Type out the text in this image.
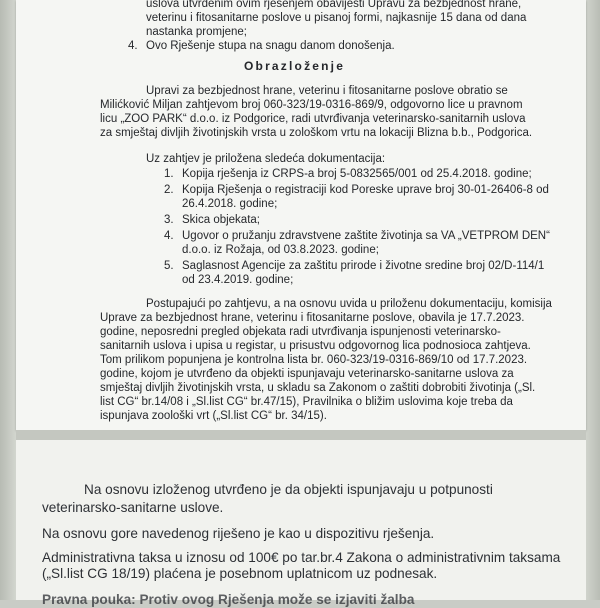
uslova utvrđenim ovim rješenjem obavijesti Upravu za bezbjednost hrane,
veterinu i fitosanitarne poslove u pisanoj formi, najkasnije 15 dana od dana
nastanka promjene;
4. Ovo Rješenje stupa na snagu danom donošenja.
Obrazloženje
Upravi za bezbjednost hrane, veterinu i fitosanitarne poslove obratio se
Milićković Miljan zahtjevom broj 060-323/19-0316-869/9, odgovorno lice u pravnom
licu „ZOO PARK“ d.o.o. iz Podgorice, radi utvrđivanja veterinarsko-sanitarnih uslova
za smještaj divljih životinjskih vrsta u zološkom vrtu na lokaciji Blizna b.b., Podgorica.
Uz zahtjev je priložena sledeća dokumentacija:
1. Kopija rješenja iz CRPS-a broj 5-0832565/001 od 25.4.2018. godine;
2. Kopija Rješenja o registraciji kod Poreske uprave broj 30-01-26406-8 od
26.4.2018. godine;
3. Skica objekata;
4. Ugovor o pružanju zdravstvene zaštite životinja sa VA „VETPROM DEN“
d.o.o. iz Rožaja, od 03.8.2023. godine;
5. Saglasnost Agencije za zaštitu prirode i životne sredine broj 02/D-114/1
od 23.4.2019. godine;
Postupajući po zahtjevu, a na osnovu uvida u priloženu dokumentaciju, komisija
Uprave za bezbjednost hrane, veterinu i fitosanitarne poslove, obavila je 17.7.2023.
godine, neposredni pregled objekata radi utvrđivanja ispunjenosti veterinarsko-
sanitarnih uslova i upisa u registar, u prisustvu odgovornog lica podnosioca zahtjeva.
Tom prilikom popunjena je kontrolna lista br. 060-323/19-0316-869/10 od 17.7.2023.
godine, kojom je utvrđeno da objekti ispunjavaju veterinarsko-sanitarne uslova za
smještaj divljih životinjskih vrsta, u skladu sa Zakonom o zaštiti dobrobiti životinja („Sl.
list CG“ br.14/08 i „Sl.list CG“ br.47/15), Pravilnika o bližim uslovima koje treba da
ispunjava zoološki vrt („Sl.list CG“ br. 34/15).
Na osnovu izloženog utvrđeno je da objekti ispunjavaju u potpunosti
veterinarsko-sanitarne uslove.
Na osnovu gore navedenog riješeno je kao u dispozitivu rješenja.
Administrativna taksa u iznosu od 100€ po tar.br.4 Zakona o administrativnim taksama
(„Sl.list CG 18/19) plaćena je posebnom uplatnicom uz podnesak.
Pravna pouka: Protiv ovog Rješenja može se izjaviti žalba
